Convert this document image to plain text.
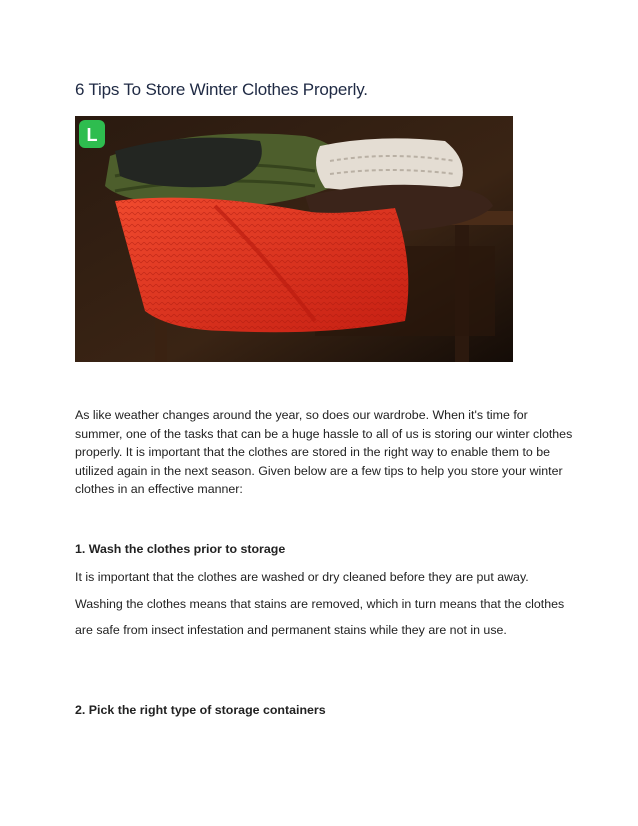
6 Tips To Store Winter Clothes Properly.
L

As like weather changes around the year, so does our wardrobe. When it's time for summer, one of the tasks that can be a huge hassle to all of us is storing our winter clothes properly. It is important that the clothes are stored in the right way to enable them to be utilized again in the next season. Given below are a few tips to help you store your winter clothes in an effective manner:

1. Wash the clothes prior to storage

It is important that the clothes are washed or dry cleaned before they are put away. Washing the clothes means that stains are removed, which in turn means that the clothes are safe from insect infestation and permanent stains while they are not in use.

2. Pick the right type of storage containers
